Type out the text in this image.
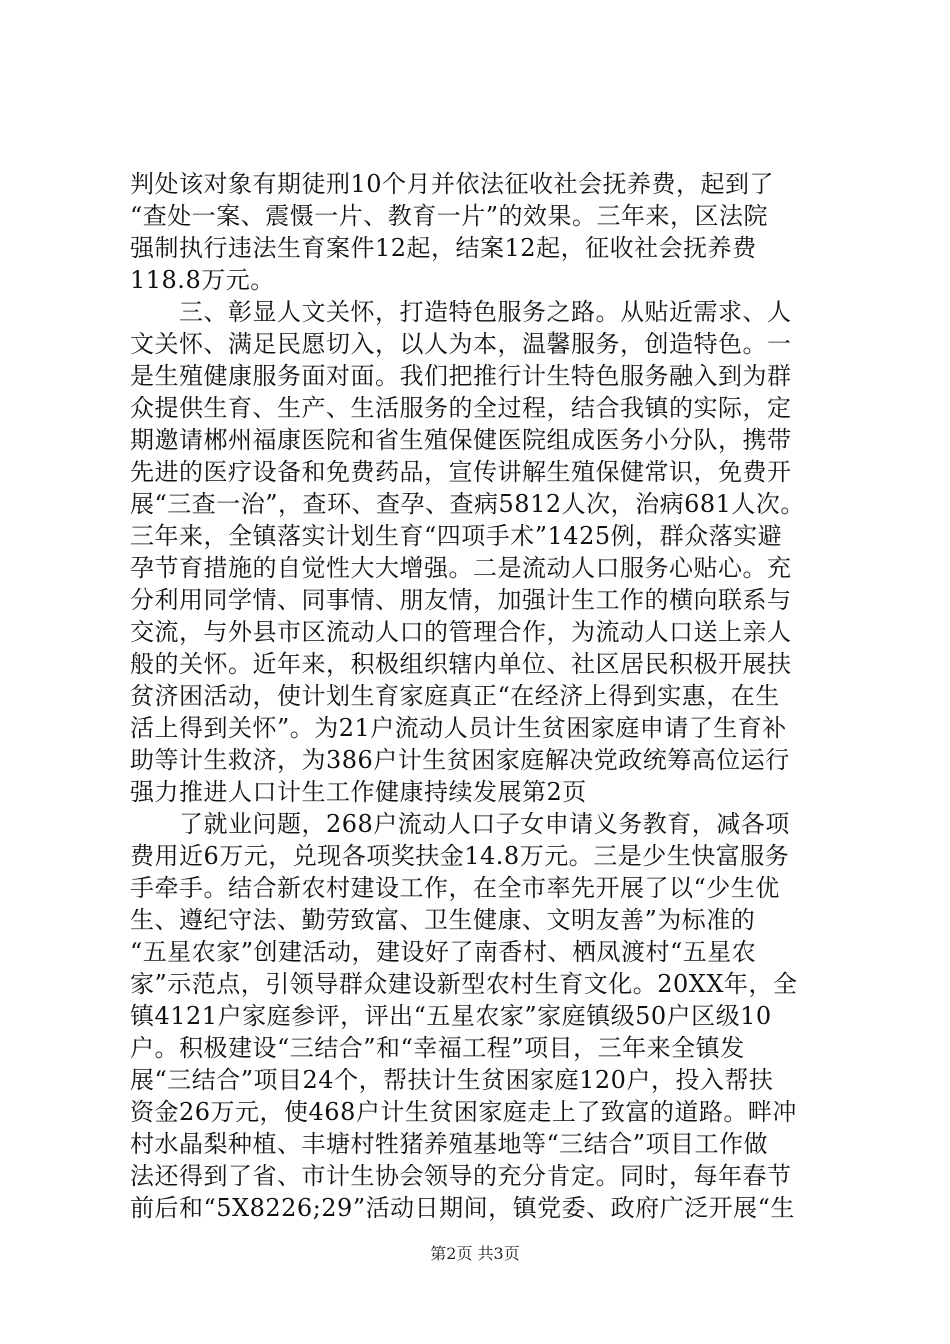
判处该对象有期徒刑10个月并依法征收社会抚养费，起到了
“查处一案、震慑一片、教育一片”的效果。三年来，区法院
强制执行违法生育案件12起，结案12起，征收社会抚养费
118.8万元。
　　三、彰显人文关怀，打造特色服务之路。从贴近需求、人
文关怀、满足民愿切入，以人为本，温馨服务，创造特色。一
是生殖健康服务面对面。我们把推行计生特色服务融入到为群
众提供生育、生产、生活服务的全过程，结合我镇的实际，定
期邀请郴州福康医院和省生殖保健医院组成医务小分队，携带
先进的医疗设备和免费药品，宣传讲解生殖保健常识，免费开
展“三查一治”，查环、查孕、查病5812人次，治病681人次。
三年来，全镇落实计划生育“四项手术”1425例，群众落实避
孕节育措施的自觉性大大增强。二是流动人口服务心贴心。充
分利用同学情、同事情、朋友情，加强计生工作的横向联系与
交流，与外县市区流动人口的管理合作，为流动人口送上亲人
般的关怀。近年来，积极组织辖内单位、社区居民积极开展扶
贫济困活动，使计划生育家庭真正“在经济上得到实惠，在生
活上得到关怀”。为21户流动人员计生贫困家庭申请了生育补
助等计生救济，为386户计生贫困家庭解决党政统筹高位运行
强力推进人口计生工作健康持续发展第2页
　　了就业问题，268户流动人口子女申请义务教育，减各项
费用近6万元，兑现各项奖扶金14.8万元。三是少生快富服务
手牵手。结合新农村建设工作，在全市率先开展了以“少生优
生、遵纪守法、勤劳致富、卫生健康、文明友善”为标准的
“五星农家”创建活动，建设好了南香村、栖凤渡村“五星农
家”示范点，引领导群众建设新型农村生育文化。20XX年，全
镇4121户家庭参评，评出“五星农家”家庭镇级50户区级10
户。积极建设“三结合”和“幸福工程”项目，三年来全镇发
展“三结合”项目24个，帮扶计生贫困家庭120户，投入帮扶
资金26万元，使468户计生贫困家庭走上了致富的道路。畔冲
村水晶梨种植、丰塘村牲猪养殖基地等“三结合”项目工作做
法还得到了省、市计生协会领导的充分肯定。同时，每年春节
前后和“5X8226;29”活动日期间，镇党委、政府广泛开展“生
第2页 共3页
